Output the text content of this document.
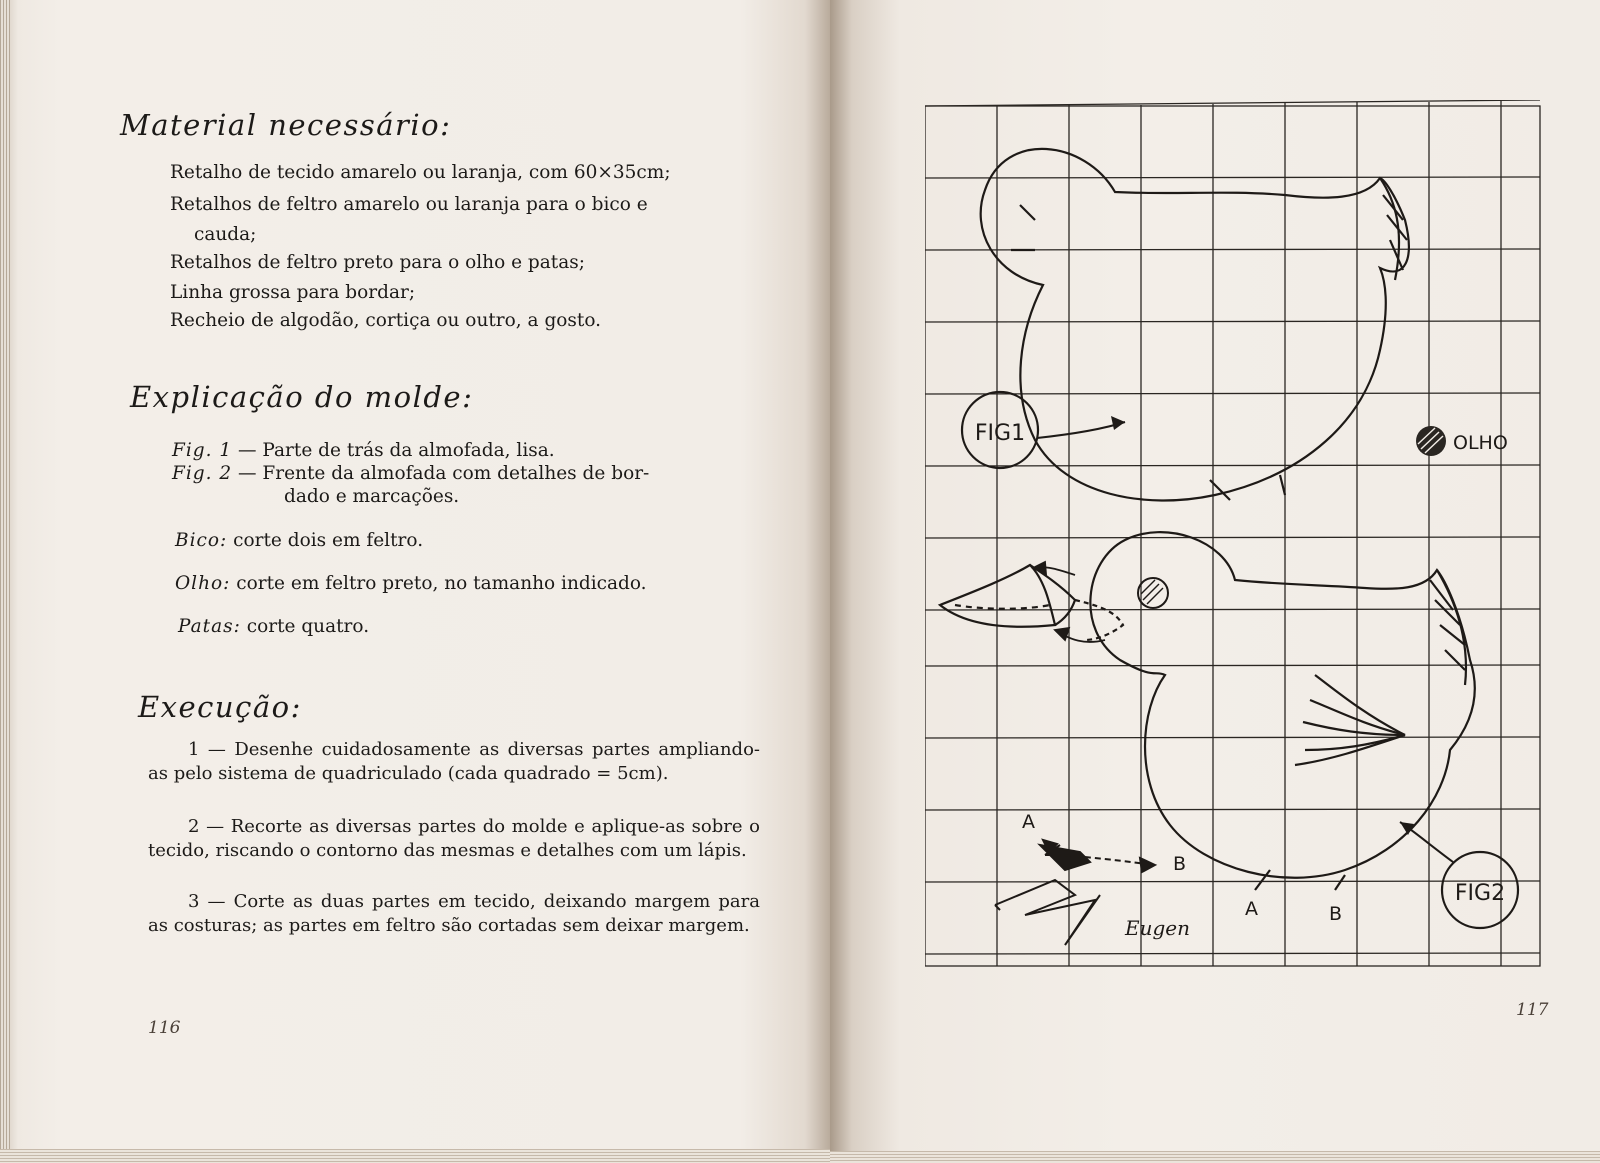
Material necessário:
Retalho de tecido amarelo ou laranja, com 60×35cm;
Retalhos de feltro amarelo ou laranja para o bico e
cauda;
Retalhos de feltro preto para o olho e patas;
Linha grossa para bordar;
Recheio de algodão, cortiça ou outro, a gosto.
Explicação do molde:
Fig. 1 — Parte de trás da almofada, lisa.
Fig. 2 — Frente da almofada com detalhes de bor-
dado e marcações.
Bico: corte dois em feltro.
Olho: corte em feltro preto, no tamanho indicado.
Patas: corte quatro.
Execução:

1 — Desenhe cuidadosamente as diversas partes ampliando-as pelo sistema de quadriculado (cada quadrado = 5cm).

2 — Recorte as diversas partes do molde e aplique-as sobre o tecido, riscando o contorno das mesmas e detalhes com um lápis.

3 — Corte as duas partes em tecido, deixando margem para as costuras; as partes em feltro são cortadas sem deixar margem.

116
117
FIG1	OLHO
FIG2
A
B
A	B
Eugen
